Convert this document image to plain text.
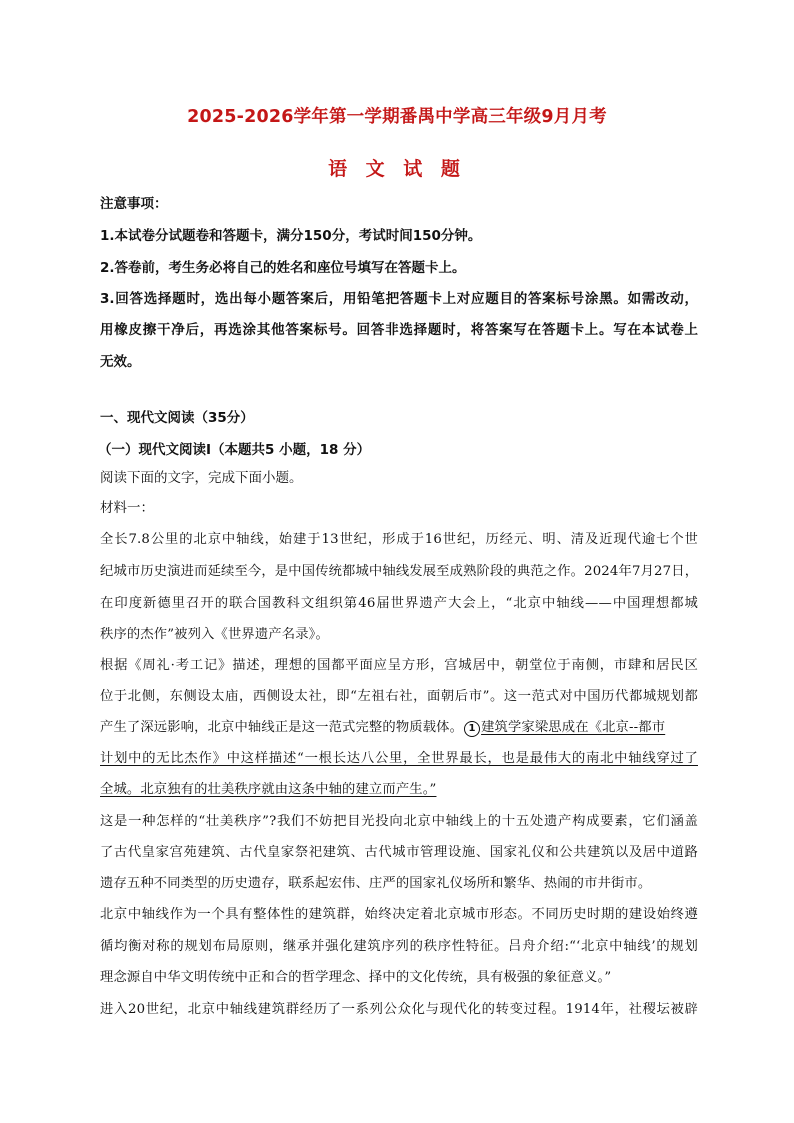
2025-2026学年第一学期番禺中学高三年级9月月考
语 文 试 题
注意事项：
1.本试卷分试题卷和答题卡，满分150分，考试时间150分钟。
2.答卷前，考生务必将自己的姓名和座位号填写在答题卡上。
3.回答选择题时，选出每小题答案后，用铅笔把答题卡上对应题目的答案标号涂黑。如需改动，
用橡皮擦干净后，再选涂其他答案标号。回答非选择题时，将答案写在答题卡上。写在本试卷上
无效。
一、现代文阅读（35分）
（一）现代文阅读Ⅰ（本题共5 小题，18 分）
阅读下面的文字，完成下面小题。
材料一：
全长7.8公里的北京中轴线，始建于13世纪，形成于16世纪，历经元、明、清及近现代逾七个世
纪城市历史演进而延续至今，是中国传统都城中轴线发展至成熟阶段的典范之作。2024年7月27日，
在印度新德里召开的联合国教科文组织第46届世界遗产大会上，“北京中轴线——中国理想都城
秩序的杰作”被列入《世界遗产名录》。
根据《周礼·考工记》描述，理想的国都平面应呈方形，宫城居中，朝堂位于南侧，市肆和居民区
位于北侧，东侧设太庙，西侧设太社，即“左祖右社，面朝后市”。这一范式对中国历代都城规划都
产生了深远影响，北京中轴线正是这一范式完整的物质载体。 1 建筑学家梁思成在《北京--都市
计划中的无比杰作》中这样描述“一根长达八公里，全世界最长，也是最伟大的南北中轴线穿过了
全城。北京独有的壮美秩序就由这条中轴的建立而产生。”
这是一种怎样的“壮美秩序”?我们不妨把目光投向北京中轴线上的十五处遗产构成要素，它们涵盖
了古代皇家宫苑建筑、古代皇家祭祀建筑、古代城市管理设施、国家礼仪和公共建筑以及居中道路
遗存五种不同类型的历史遗存，联系起宏伟、庄严的国家礼仪场所和繁华、热闹的市井街市。
北京中轴线作为一个具有整体性的建筑群，始终决定着北京城市形态。不同历史时期的建设始终遵
循均衡对称的规划布局原则，继承并强化建筑序列的秩序性特征。吕舟介绍:“‘北京中轴线’的规划
理念源自中华文明传统中正和合的哲学理念、择中的文化传统，具有极强的象征意义。”
进入20世纪，北京中轴线建筑群经历了一系列公众化与现代化的转变过程。1914年，社稷坛被辟
